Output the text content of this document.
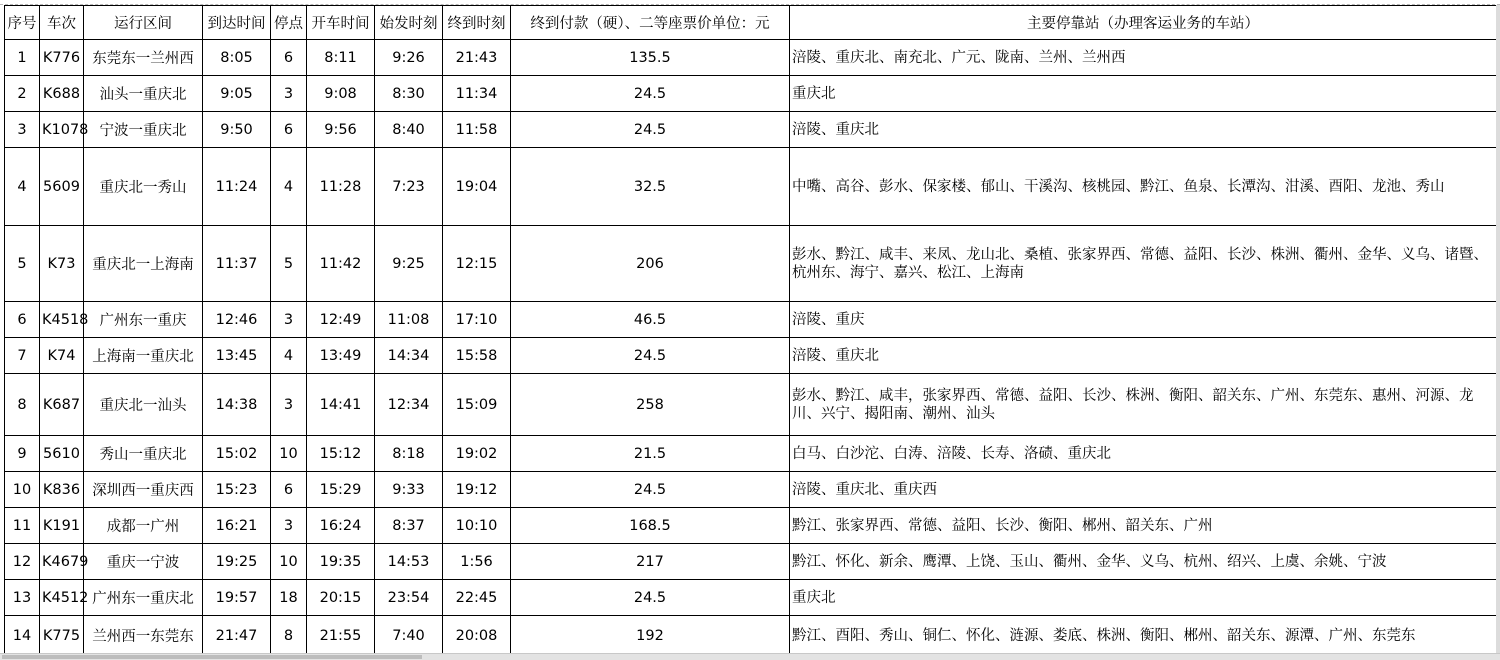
序号	车次	运行区间	到达时间	停点	开车时间	始发时刻	终到时刻	终到付款（硬）、二等座票价单位：元	主要停靠站（办理客运业务的车站）
1	K776	东莞东一兰州西	8:05	6	8:11	9:26	21:43	135.5	涪陵、重庆北、南充北、广元、陇南、兰州、兰州西
2	K688	汕头一重庆北	9:05	3	9:08	8:30	11:34	24.5	重庆北
3	K1078	宁波一重庆北	9:50	6	9:56	8:40	11:58	24.5	涪陵、重庆北
4	5609	重庆北一秀山	11:24	4	11:28	7:23	19:04	32.5	中嘴、高谷、彭水、保家楼、郁山、干溪沟、核桃园、黔江、鱼泉、长潭沟、泔溪、酉阳、龙池、秀山
5	K73	重庆北一上海南	11:37	5	11:42	9:25	12:15	206	彭水、黔江、咸丰、来凤、龙山北、桑植、张家界西、常德、益阳、长沙、株洲、衢州、金华、义乌、诸暨、杭州东、海宁、嘉兴、松江、上海南
6	K4518	广州东一重庆	12:46	3	12:49	11:08	17:10	46.5	涪陵、重庆
7	K74	上海南一重庆北	13:45	4	13:49	14:34	15:58	24.5	涪陵、重庆北
8	K687	重庆北一汕头	14:38	3	14:41	12:34	15:09	258	彭水、黔江、咸丰，张家界西、常德、益阳、长沙、株洲、衡阳、韶关东、广州、东莞东、惠州、河源、龙川、兴宁、揭阳南、潮州、汕头
9	5610	秀山一重庆北	15:02	10	15:12	8:18	19:02	21.5	白马、白沙沱、白涛、涪陵、长寿、洛碛、重庆北
10	K836	深圳西一重庆西	15:23	6	15:29	9:33	19:12	24.5	涪陵、重庆北、重庆西
11	K191	成都一广州	16:21	3	16:24	8:37	10:10	168.5	黔江、张家界西、常德、益阳、长沙、衡阳、郴州、韶关东、广州
12	K4679	重庆一宁波	19:25	10	19:35	14:53	1:56	217	黔江、怀化、新余、鹰潭、上饶、玉山、衢州、金华、义乌、杭州、绍兴、上虞、余姚、宁波
13	K4512	广州东一重庆北	19:57	18	20:15	23:54	22:45	24.5	重庆北
14	K775	兰州西一东莞东	21:47	8	21:55	7:40	20:08	192	黔江、酉阳、秀山、铜仁、怀化、涟源、娄底、株洲、衡阳、郴州、韶关东、源潭、广州、东莞东
